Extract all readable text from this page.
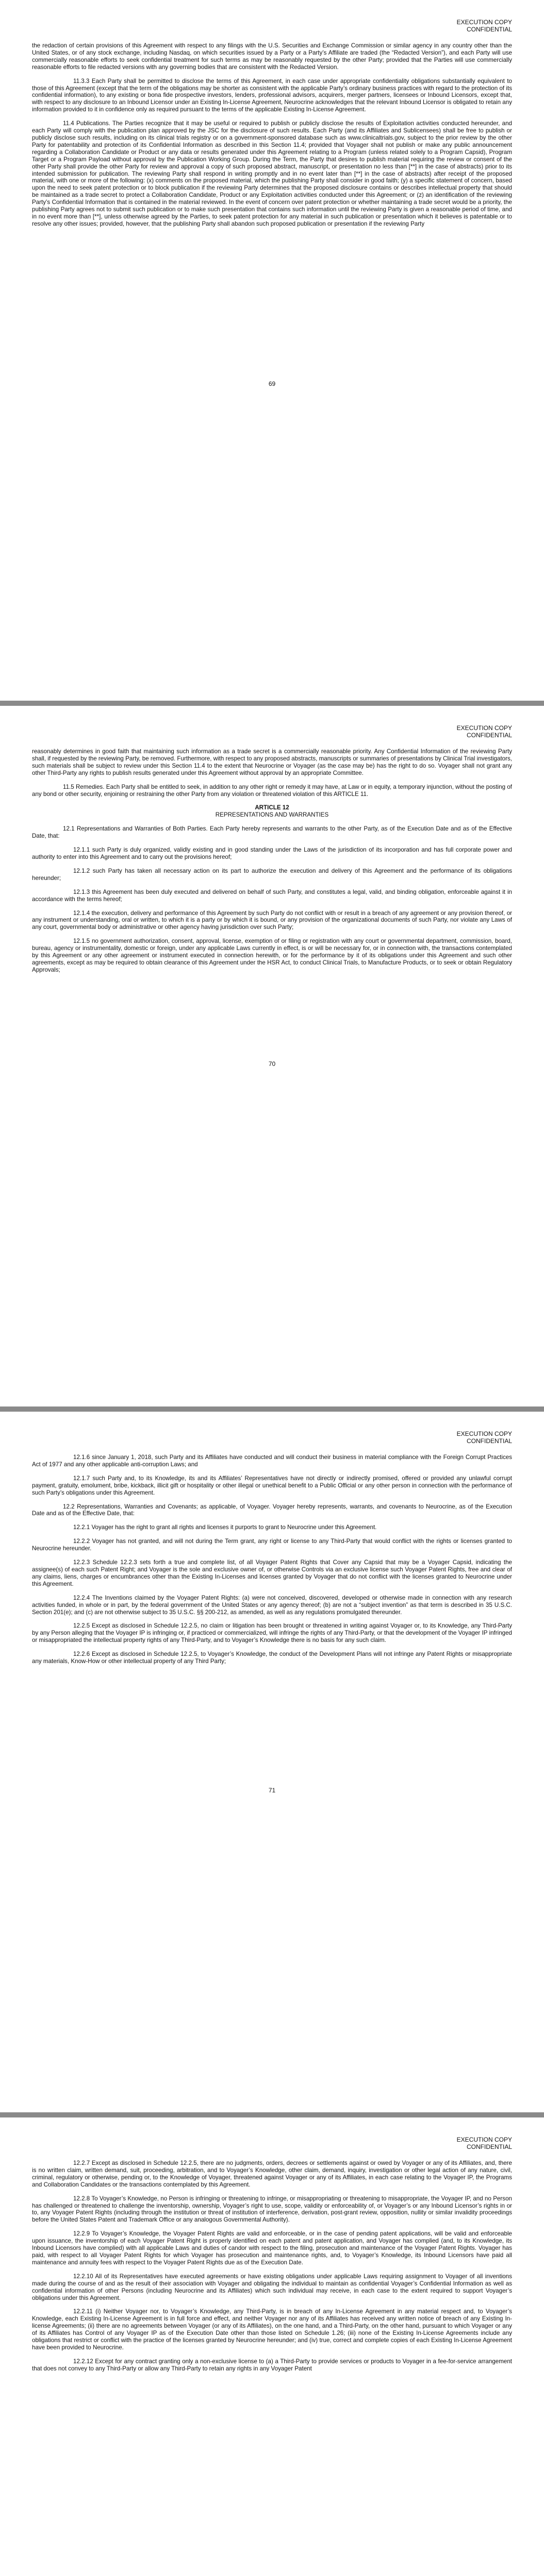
EXECUTION COPY
CONFIDENTIAL

the redaction of certain provisions of this Agreement with respect to any filings with the U.S. Securities and Exchange Commission or similar agency in any country other than the United States, or of any stock exchange, including Nasdaq, on which securities issued by a Party or a Party’s Affiliate are traded (the “Redacted Version”), and each Party will use commercially reasonable efforts to seek confidential treatment for such terms as may be reasonably requested by the other Party; provided that the Parties will use commercially reasonable efforts to file redacted versions with any governing bodies that are consistent with the Redacted Version.

11.3.3 Each Party shall be permitted to disclose the terms of this Agreement, in each case under appropriate confidentiality obligations substantially equivalent to those of this Agreement (except that the term of the obligations may be shorter as consistent with the applicable Party’s ordinary business practices with regard to the protection of its confidential information), to any existing or bona fide prospective investors, lenders, professional advisors, acquirers, merger partners, licensees or Inbound Licensors, except that, with respect to any disclosure to an Inbound Licensor under an Existing In-License Agreement, Neurocrine acknowledges that the relevant Inbound Licensor is obligated to retain any information provided to it in confidence only as required pursuant to the terms of the applicable Existing In-License Agreement.

11.4 Publications. The Parties recognize that it may be useful or required to publish or publicly disclose the results of Exploitation activities conducted hereunder, and each Party will comply with the publication plan approved by the JSC for the disclosure of such results. Each Party (and its Affiliates and Sublicensees) shall be free to publish or publicly disclose such results, including on its clinical trials registry or on a government-sponsored database such as www.clinicaltrials.gov, subject to the prior review by the other Party for patentability and protection of its Confidential Information as described in this Section 11.4; provided that Voyager shall not publish or make any public announcement regarding a Collaboration Candidate or Product or any data or results generated under this Agreement relating to a Program (unless related solely to a Program Capsid), Program Target or a Program Payload without approval by the Publication Working Group. During the Term, the Party that desires to publish material requiring the review or consent of the other Party shall provide the other Party for review and approval a copy of such proposed abstract, manuscript, or presentation no less than [**] in the case of abstracts) prior to its intended submission for publication. The reviewing Party shall respond in writing promptly and in no event later than [**] in the case of abstracts) after receipt of the proposed material, with one or more of the following: (x) comments on the proposed material, which the publishing Party shall consider in good faith; (y) a specific statement of concern, based upon the need to seek patent protection or to block publication if the reviewing Party determines that the proposed disclosure contains or describes intellectual property that should be maintained as a trade secret to protect a Collaboration Candidate, Product or any Exploitation activities conducted under this Agreement; or (z) an identification of the reviewing Party’s Confidential Information that is contained in the material reviewed. In the event of concern over patent protection or whether maintaining a trade secret would be a priority, the publishing Party agrees not to submit such publication or to make such presentation that contains such information until the reviewing Party is given a reasonable period of time, and in no event more than [**], unless otherwise agreed by the Parties, to seek patent protection for any material in such publication or presentation which it believes is patentable or to resolve any other issues; provided, however, that the publishing Party shall abandon such proposed publication or presentation if the reviewing Party

69
EXECUTION COPY
CONFIDENTIAL

reasonably determines in good faith that maintaining such information as a trade secret is a commercially reasonable priority. Any Confidential Information of the reviewing Party shall, if requested by the reviewing Party, be removed. Furthermore, with respect to any proposed abstracts, manuscripts or summaries of presentations by Clinical Trial investigators, such materials shall be subject to review under this Section 11.4 to the extent that Neurocrine or Voyager (as the case may be) has the right to do so. Voyager shall not grant any other Third-Party any rights to publish results generated under this Agreement without approval by an appropriate Committee.

11.5 Remedies. Each Party shall be entitled to seek, in addition to any other right or remedy it may have, at Law or in equity, a temporary injunction, without the posting of any bond or other security, enjoining or restraining the other Party from any violation or threatened violation of this ARTICLE 11.

ARTICLE 12

REPRESENTATIONS AND WARRANTIES

12.1 Representations and Warranties of Both Parties. Each Party hereby represents and warrants to the other Party, as of the Execution Date and as of the Effective Date, that:

12.1.1 such Party is duly organized, validly existing and in good standing under the Laws of the jurisdiction of its incorporation and has full corporate power and authority to enter into this Agreement and to carry out the provisions hereof;

12.1.2 such Party has taken all necessary action on its part to authorize the execution and delivery of this Agreement and the performance of its obligations hereunder;

12.1.3 this Agreement has been duly executed and delivered on behalf of such Party, and constitutes a legal, valid, and binding obligation, enforceable against it in accordance with the terms hereof;

12.1.4 the execution, delivery and performance of this Agreement by such Party do not conflict with or result in a breach of any agreement or any provision thereof, or any instrument or understanding, oral or written, to which it is a party or by which it is bound, or any provision of the organizational documents of such Party, nor violate any Laws of any court, governmental body or administrative or other agency having jurisdiction over such Party;

12.1.5 no government authorization, consent, approval, license, exemption of or filing or registration with any court or governmental department, commission, board, bureau, agency or instrumentality, domestic or foreign, under any applicable Laws currently in effect, is or will be necessary for, or in connection with, the transactions contemplated by this Agreement or any other agreement or instrument executed in connection herewith, or for the performance by it of its obligations under this Agreement and such other agreements, except as may be required to obtain clearance of this Agreement under the HSR Act, to conduct Clinical Trials, to Manufacture Products, or to seek or obtain Regulatory Approvals;

70
EXECUTION COPY
CONFIDENTIAL

12.1.6 since January 1, 2018, such Party and its Affiliates have conducted and will conduct their business in material compliance with the Foreign Corrupt Practices Act of 1977 and any other applicable anti-corruption Laws; and

12.1.7 such Party and, to its Knowledge, its and its Affiliates’ Representatives have not directly or indirectly promised, offered or provided any unlawful corrupt payment, gratuity, emolument, bribe, kickback, illicit gift or hospitality or other illegal or unethical benefit to a Public Official or any other person in connection with the performance of such Party’s obligations under this Agreement.

12.2 Representations, Warranties and Covenants; as applicable, of Voyager. Voyager hereby represents, warrants, and covenants to Neurocrine, as of the Execution Date and as of the Effective Date, that:

12.2.1 Voyager has the right to grant all rights and licenses it purports to grant to Neurocrine under this Agreement.

12.2.2 Voyager has not granted, and will not during the Term grant, any right or license to any Third-Party that would conflict with the rights or licenses granted to Neurocrine hereunder.

12.2.3 Schedule 12.2.3 sets forth a true and complete list, of all Voyager Patent Rights that Cover any Capsid that may be a Voyager Capsid, indicating the assignee(s) of each such Patent Right; and Voyager is the sole and exclusive owner of, or otherwise Controls via an exclusive license such Voyager Patent Rights, free and clear of any claims, liens, charges or encumbrances other than the Existing In-Licenses and licenses granted by Voyager that do not conflict with the licenses granted to Neurocrine under this Agreement.

12.2.4 The Inventions claimed by the Voyager Patent Rights: (a) were not conceived, discovered, developed or otherwise made in connection with any research activities funded, in whole or in part, by the federal government of the United States or any agency thereof; (b) are not a “subject invention” as that term is described in 35 U.S.C. Section 201(e); and (c) are not otherwise subject to 35 U.S.C. §§ 200-212, as amended, as well as any regulations promulgated thereunder.

12.2.5 Except as disclosed in Schedule 12.2.5, no claim or litigation has been brought or threatened in writing against Voyager or, to its Knowledge, any Third-Party by any Person alleging that the Voyager IP is infringing or, if practiced or commercialized, will infringe the rights of any Third-Party, or that the development of the Voyager IP infringed or misappropriated the intellectual property rights of any Third-Party, and to Voyager’s Knowledge there is no basis for any such claim.

12.2.6 Except as disclosed in Schedule 12.2.5, to Voyager’s Knowledge, the conduct of the Development Plans will not infringe any Patent Rights or misappropriate any materials, Know-How or other intellectual property of any Third Party;

71
EXECUTION COPY
CONFIDENTIAL

12.2.7 Except as disclosed in Schedule 12.2.5, there are no judgments, orders, decrees or settlements against or owed by Voyager or any of its Affiliates, and, there is no written claim, written demand, suit, proceeding, arbitration, and to Voyager’s Knowledge, other claim, demand, inquiry, investigation or other legal action of any nature, civil, criminal, regulatory or otherwise, pending or, to the Knowledge of Voyager, threatened against Voyager or any of its Affiliates, in each case relating to the Voyager IP, the Programs and Collaboration Candidates or the transactions contemplated by this Agreement.

12.2.8 To Voyager’s Knowledge, no Person is infringing or threatening to infringe, or misappropriating or threatening to misappropriate, the Voyager IP, and no Person has challenged or threatened to challenge the inventorship, ownership, Voyager’s right to use, scope, validity or enforceability of, or Voyager’s or any Inbound Licensor’s rights in or to, any Voyager Patent Rights (including through the institution or threat of institution of interference, derivation, post-grant review, opposition, nullity or similar invalidity proceedings before the United States Patent and Trademark Office or any analogous Governmental Authority).

12.2.9 To Voyager’s Knowledge, the Voyager Patent Rights are valid and enforceable, or in the case of pending patent applications, will be valid and enforceable upon issuance, the inventorship of each Voyager Patent Right is properly identified on each patent and patent application, and Voyager has complied (and, to its Knowledge, its Inbound Licensors have complied) with all applicable Laws and duties of candor with respect to the filing, prosecution and maintenance of the Voyager Patent Rights. Voyager has paid, with respect to all Voyager Patent Rights for which Voyager has prosecution and maintenance rights, and, to Voyager’s Knowledge, its Inbound Licensors have paid all maintenance and annuity fees with respect to the Voyager Patent Rights due as of the Execution Date.

12.2.10 All of its Representatives have executed agreements or have existing obligations under applicable Laws requiring assignment to Voyager of all inventions made during the course of and as the result of their association with Voyager and obligating the individual to maintain as confidential Voyager’s Confidential Information as well as confidential information of other Persons (including Neurocrine and its Affiliates) which such individual may receive, in each case to the extent required to support Voyager’s obligations under this Agreement.

12.2.11 (i) Neither Voyager nor, to Voyager’s Knowledge, any Third-Party, is in breach of any In-License Agreement in any material respect and, to Voyager’s Knowledge, each Existing In-License Agreement is in full force and effect, and neither Voyager nor any of its Affiliates has received any written notice of breach of any Existing In-license Agreements; (ii) there are no agreements between Voyager (or any of its Affiliates), on the one hand, and a Third-Party, on the other hand, pursuant to which Voyager or any of its Affiliates has Control of any Voyager IP as of the Execution Date other than those listed on Schedule 1.26; (iii) none of the Existing In-License Agreements include any obligations that restrict or conflict with the practice of the licenses granted by Neurocrine hereunder; and (iv) true, correct and complete copies of each Existing In-License Agreement have been provided to Neurocrine.

12.2.12 Except for any contract granting only a non-exclusive license to (a) a Third-Party to provide services or products to Voyager in a fee-for-service arrangement that does not convey to any Third-Party or allow any Third-Party to retain any rights in any Voyager Patent
